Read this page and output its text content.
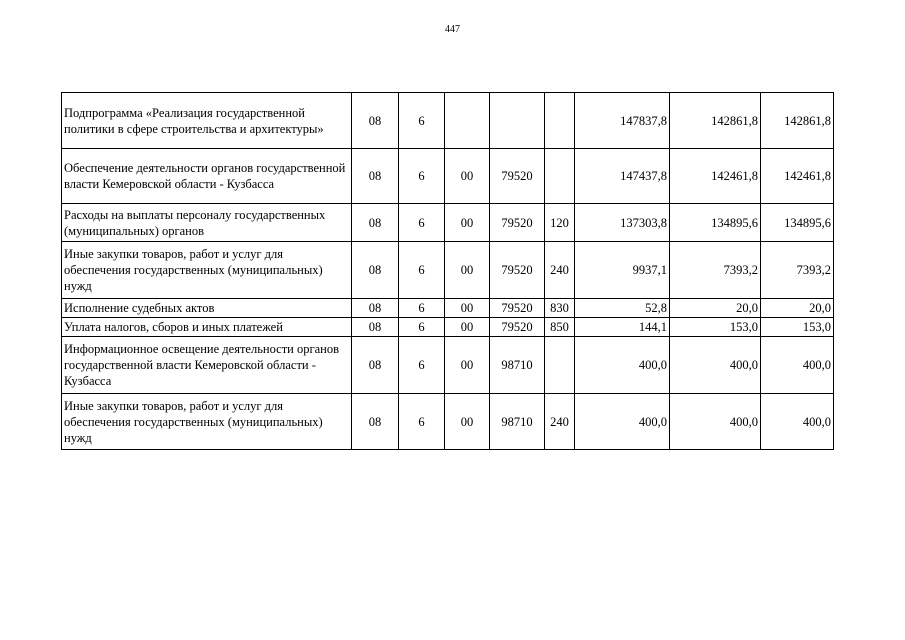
447
Подпрограмма «Реализация государственной политики в сфере строительства и архитектуры»	08	6				147837,8	142861,8	142861,8
Обеспечение деятельности органов государственной власти Кемеровской области - Кузбасса	08	6	00	79520		147437,8	142461,8	142461,8
Расходы на выплаты персоналу государственных (муниципальных) органов	08	6	00	79520	120	137303,8	134895,6	134895,6
Иные закупки товаров, работ и услуг для обеспечения государственных (муниципальных) нужд	08	6	00	79520	240	9937,1	7393,2	7393,2
Исполнение судебных актов	08	6	00	79520	830	52,8	20,0	20,0
Уплата налогов, сборов и иных платежей	08	6	00	79520	850	144,1	153,0	153,0
Информационное освещение деятельности органов государственной власти Кемеровской области - Кузбасса	08	6	00	98710		400,0	400,0	400,0
Иные закупки товаров, работ и услуг для обеспечения государственных (муниципальных) нужд	08	6	00	98710	240	400,0	400,0	400,0
